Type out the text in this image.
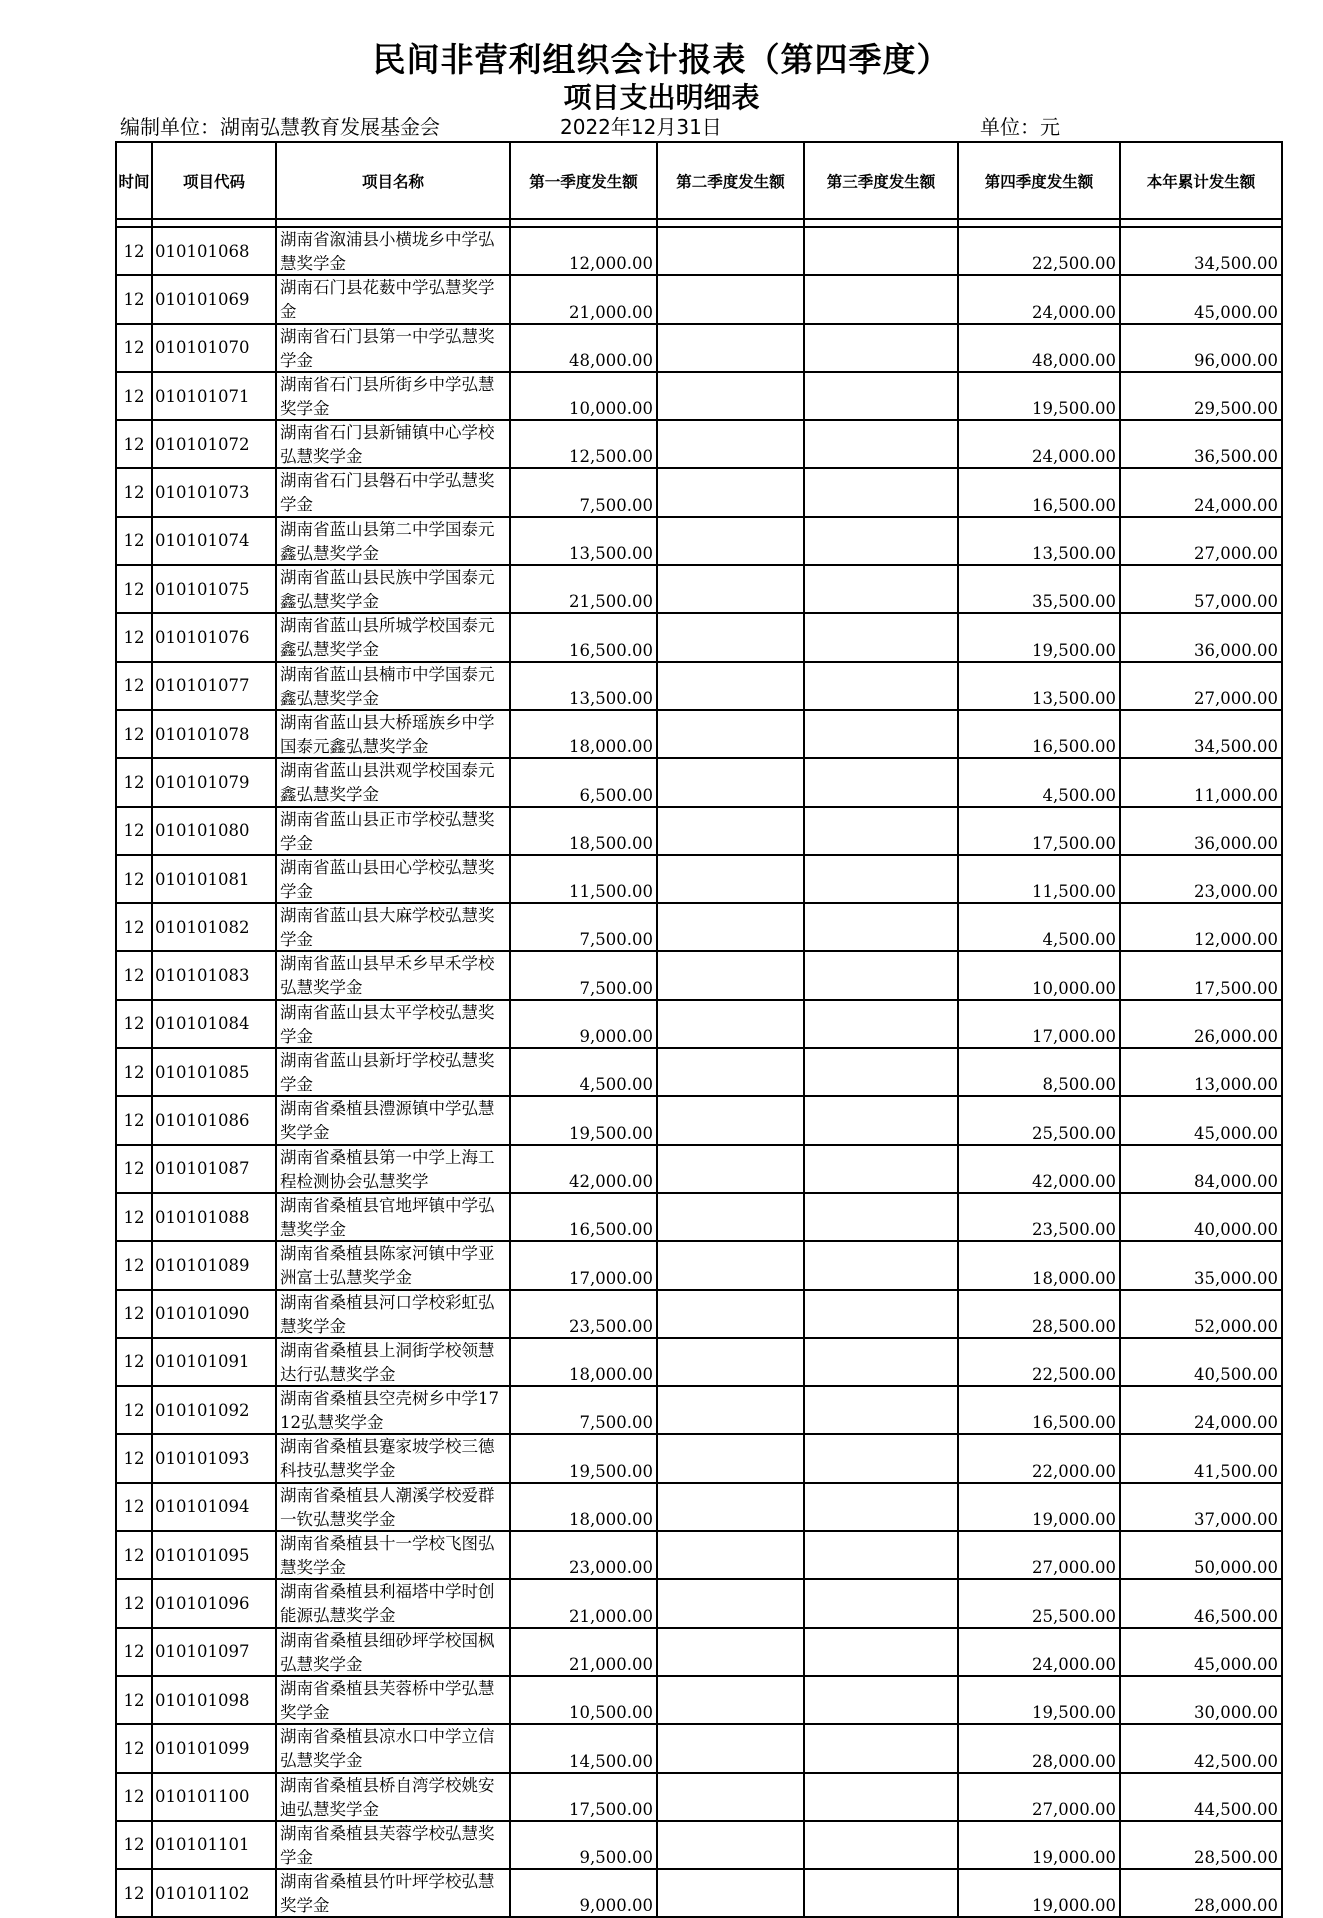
民间非营利组织会计报表（第四季度）
项目支出明细表
编制单位：湖南弘慧教育发展基金会	2022年12月31日	单位：元
时间	项目代码	项目名称	第一季度发生额	第二季度发生额	第三季度发生额	第四季度发生额	本年累计发生额

12	010101068	湖南省溆浦县小横垅乡中学弘慧奖学金	12,000.00			22,500.00	34,500.00
12	010101069	湖南石门县花薮中学弘慧奖学金	21,000.00			24,000.00	45,000.00
12	010101070	湖南省石门县第一中学弘慧奖学金	48,000.00			48,000.00	96,000.00
12	010101071	湖南省石门县所街乡中学弘慧奖学金	10,000.00			19,500.00	29,500.00
12	010101072	湖南省石门县新铺镇中心学校弘慧奖学金	12,500.00			24,000.00	36,500.00
12	010101073	湖南省石门县磐石中学弘慧奖学金	7,500.00			16,500.00	24,000.00
12	010101074	湖南省蓝山县第二中学国泰元鑫弘慧奖学金	13,500.00			13,500.00	27,000.00
12	010101075	湖南省蓝山县民族中学国泰元鑫弘慧奖学金	21,500.00			35,500.00	57,000.00
12	010101076	湖南省蓝山县所城学校国泰元鑫弘慧奖学金	16,500.00			19,500.00	36,000.00
12	010101077	湖南省蓝山县楠市中学国泰元鑫弘慧奖学金	13,500.00			13,500.00	27,000.00
12	010101078	湖南省蓝山县大桥瑶族乡中学国泰元鑫弘慧奖学金	18,000.00			16,500.00	34,500.00
12	010101079	湖南省蓝山县洪观学校国泰元鑫弘慧奖学金	6,500.00			4,500.00	11,000.00
12	010101080	湖南省蓝山县正市学校弘慧奖学金	18,500.00			17,500.00	36,000.00
12	010101081	湖南省蓝山县田心学校弘慧奖学金	11,500.00			11,500.00	23,000.00
12	010101082	湖南省蓝山县大麻学校弘慧奖学金	7,500.00			4,500.00	12,000.00
12	010101083	湖南省蓝山县早禾乡早禾学校弘慧奖学金	7,500.00			10,000.00	17,500.00
12	010101084	湖南省蓝山县太平学校弘慧奖学金	9,000.00			17,000.00	26,000.00
12	010101085	湖南省蓝山县新圩学校弘慧奖学金	4,500.00			8,500.00	13,000.00
12	010101086	湖南省桑植县澧源镇中学弘慧奖学金	19,500.00			25,500.00	45,000.00
12	010101087	湖南省桑植县第一中学上海工程检测协会弘慧奖学	42,000.00			42,000.00	84,000.00
12	010101088	湖南省桑植县官地坪镇中学弘慧奖学金	16,500.00			23,500.00	40,000.00
12	010101089	湖南省桑植县陈家河镇中学亚洲富士弘慧奖学金	17,000.00			18,000.00	35,000.00
12	010101090	湖南省桑植县河口学校彩虹弘慧奖学金	23,500.00			28,500.00	52,000.00
12	010101091	湖南省桑植县上洞街学校领慧达行弘慧奖学金	18,000.00			22,500.00	40,500.00
12	010101092	湖南省桑植县空壳树乡中学1712弘慧奖学金	7,500.00			16,500.00	24,000.00
12	010101093	湖南省桑植县蹇家坡学校三德科技弘慧奖学金	19,500.00			22,000.00	41,500.00
12	010101094	湖南省桑植县人潮溪学校爱群一钦弘慧奖学金	18,000.00			19,000.00	37,000.00
12	010101095	湖南省桑植县十一学校飞图弘慧奖学金	23,000.00			27,000.00	50,000.00
12	010101096	湖南省桑植县利福塔中学时创能源弘慧奖学金	21,000.00			25,500.00	46,500.00
12	010101097	湖南省桑植县细砂坪学校国枫弘慧奖学金	21,000.00			24,000.00	45,000.00
12	010101098	湖南省桑植县芙蓉桥中学弘慧奖学金	10,500.00			19,500.00	30,000.00
12	010101099	湖南省桑植县凉水口中学立信弘慧奖学金	14,500.00			28,000.00	42,500.00
12	010101100	湖南省桑植县桥自湾学校姚安迪弘慧奖学金	17,500.00			27,000.00	44,500.00
12	010101101	湖南省桑植县芙蓉学校弘慧奖学金	9,500.00			19,000.00	28,500.00
12	010101102	湖南省桑植县竹叶坪学校弘慧奖学金	9,000.00			19,000.00	28,000.00
